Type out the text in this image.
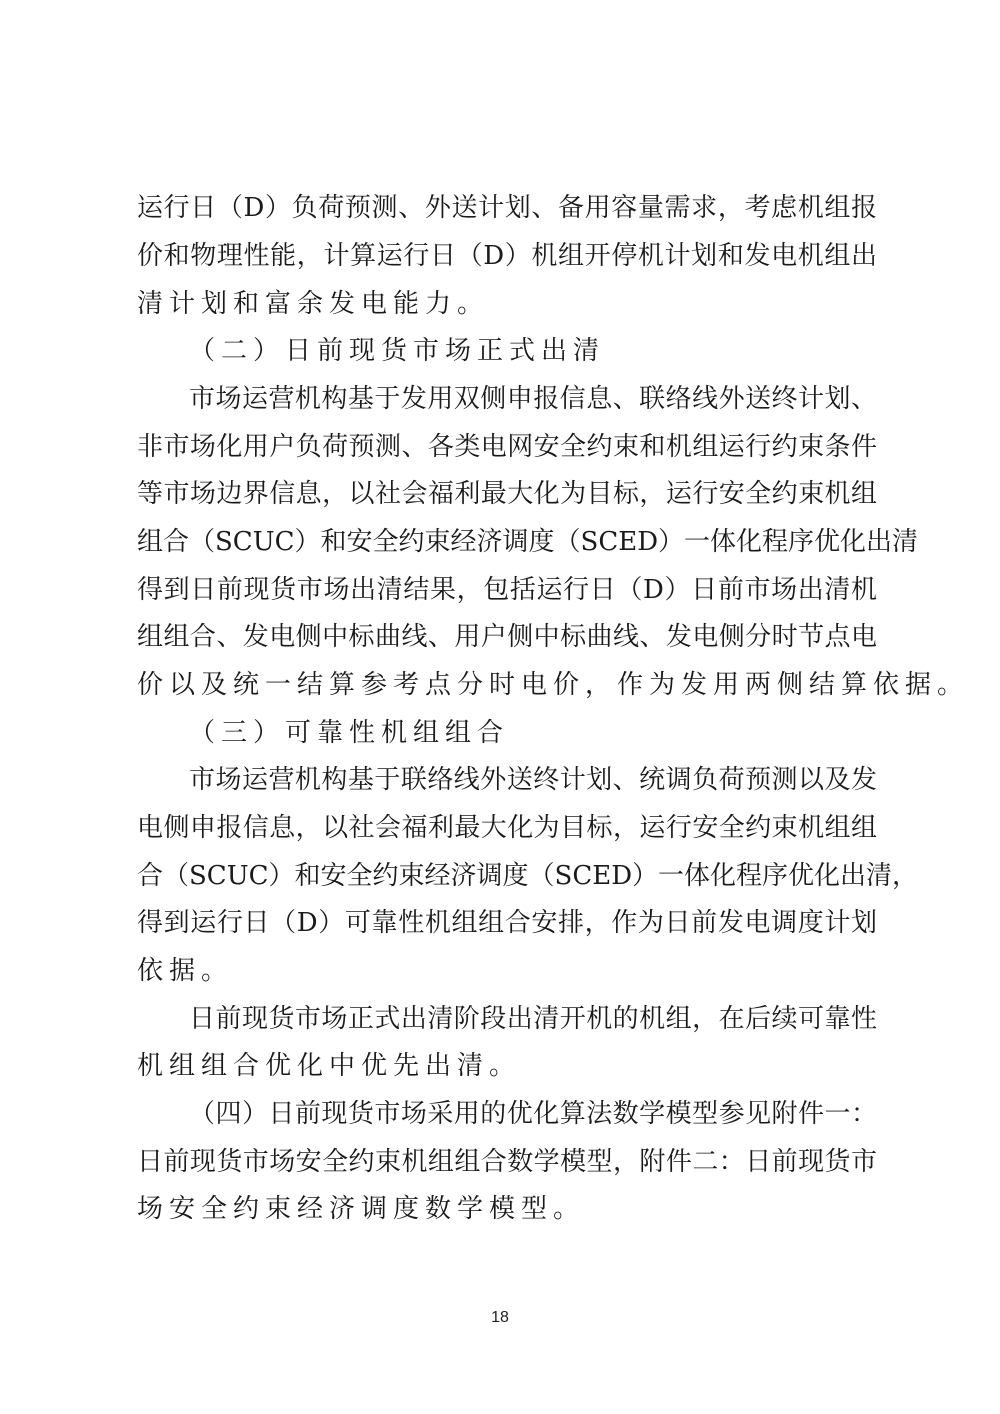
运行日（D）负荷预测、外送计划、备用容量需求，考虑机组报
价和物理性能，计算运行日（D）机组开停机计划和发电机组出
清计划和富余发电能力。
（二）日前现货市场正式出清
市场运营机构基于发用双侧申报信息、联络线外送终计划、
非市场化用户负荷预测、各类电网安全约束和机组运行约束条件
等市场边界信息，以社会福利最大化为目标，运行安全约束机组
组合（SCUC）和安全约束经济调度（SCED）一体化程序优化出清
得到日前现货市场出清结果，包括运行日（D）日前市场出清机
组组合、发电侧中标曲线、用户侧中标曲线、发电侧分时节点电
价以及统一结算参考点分时电价，作为发用两侧结算依据。
（三）可靠性机组组合
市场运营机构基于联络线外送终计划、统调负荷预测以及发
电侧申报信息，以社会福利最大化为目标，运行安全约束机组组
合（SCUC）和安全约束经济调度（SCED）一体化程序优化出清，
得到运行日（D）可靠性机组组合安排，作为日前发电调度计划
依据。
日前现货市场正式出清阶段出清开机的机组，在后续可靠性
机组组合优化中优先出清。
（四）日前现货市场采用的优化算法数学模型参见附件一：
日前现货市场安全约束机组组合数学模型，附件二：日前现货市
场安全约束经济调度数学模型。
18
